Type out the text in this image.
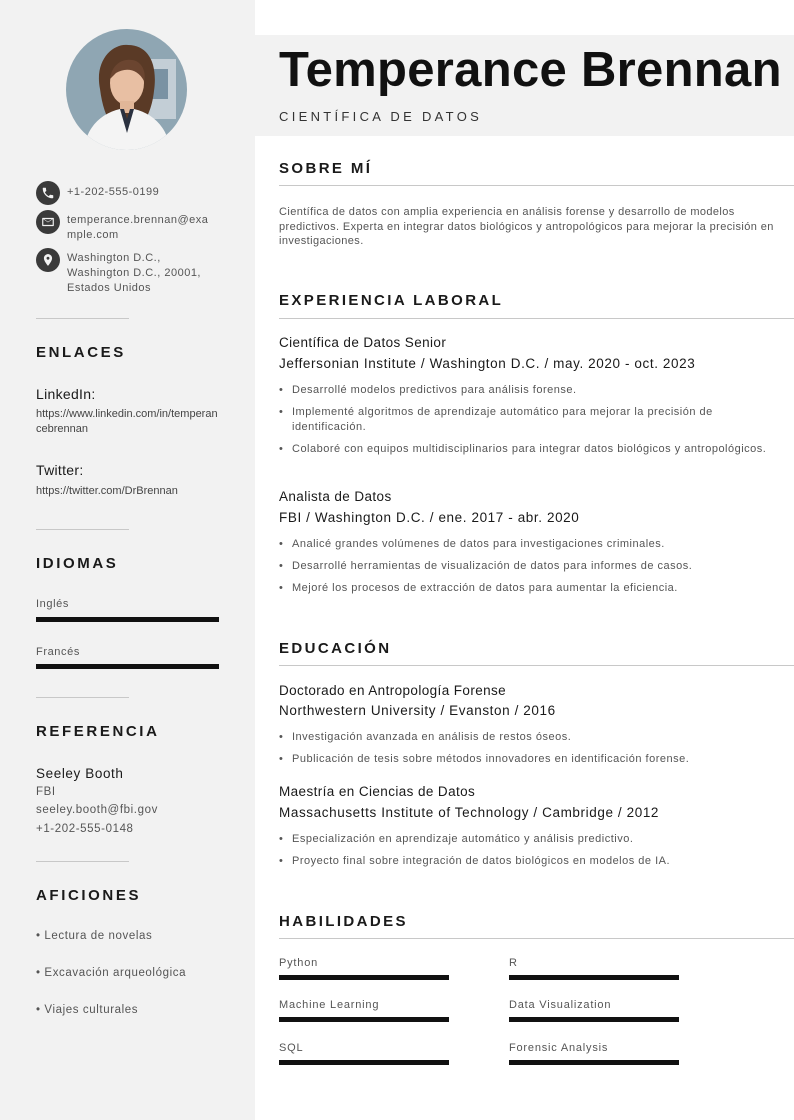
+1-202-555-0199
temperance.brennan@example.com
Washington D.C., Washington D.C., 20001, Estados Unidos
ENLACES
LinkedIn:
https://www.linkedin.com/in/temperancebrennan
Twitter:
https://twitter.com/DrBrennan
IDIOMAS
Inglés
Francés
REFERENCIA
Seeley Booth
FBI
seeley.booth@fbi.gov
+1-202-555-0148
AFICIONES
• Lectura de novelas
• Excavación arqueológica
• Viajes culturales
Temperance Brennan
CIENTÍFICA DE DATOS
SOBRE MÍ
Científica de datos con amplia experiencia en análisis forense y desarrollo de modelos predictivos. Experta en integrar datos biológicos y antropológicos para mejorar la precisión en investigaciones.
EXPERIENCIA LABORAL
Científica de Datos Senior
Jeffersonian Institute / Washington D.C. / may. 2020 - oct. 2023
• Desarrollé modelos predictivos para análisis forense.
• Implementé algoritmos de aprendizaje automático para mejorar la precisión de identificación.
• Colaboré con equipos multidisciplinarios para integrar datos biológicos y antropológicos.
Analista de Datos
FBI / Washington D.C. / ene. 2017 - abr. 2020
• Analicé grandes volúmenes de datos para investigaciones criminales.
• Desarrollé herramientas de visualización de datos para informes de casos.
• Mejoré los procesos de extracción de datos para aumentar la eficiencia.
EDUCACIÓN
Doctorado en Antropología Forense
Northwestern University / Evanston / 2016
• Investigación avanzada en análisis de restos óseos.
• Publicación de tesis sobre métodos innovadores en identificación forense.
Maestría en Ciencias de Datos
Massachusetts Institute of Technology / Cambridge / 2012
• Especialización en aprendizaje automático y análisis predictivo.
• Proyecto final sobre integración de datos biológicos en modelos de IA.
HABILIDADES
Python	R
Machine Learning	Data Visualization
SQL	Forensic Analysis
